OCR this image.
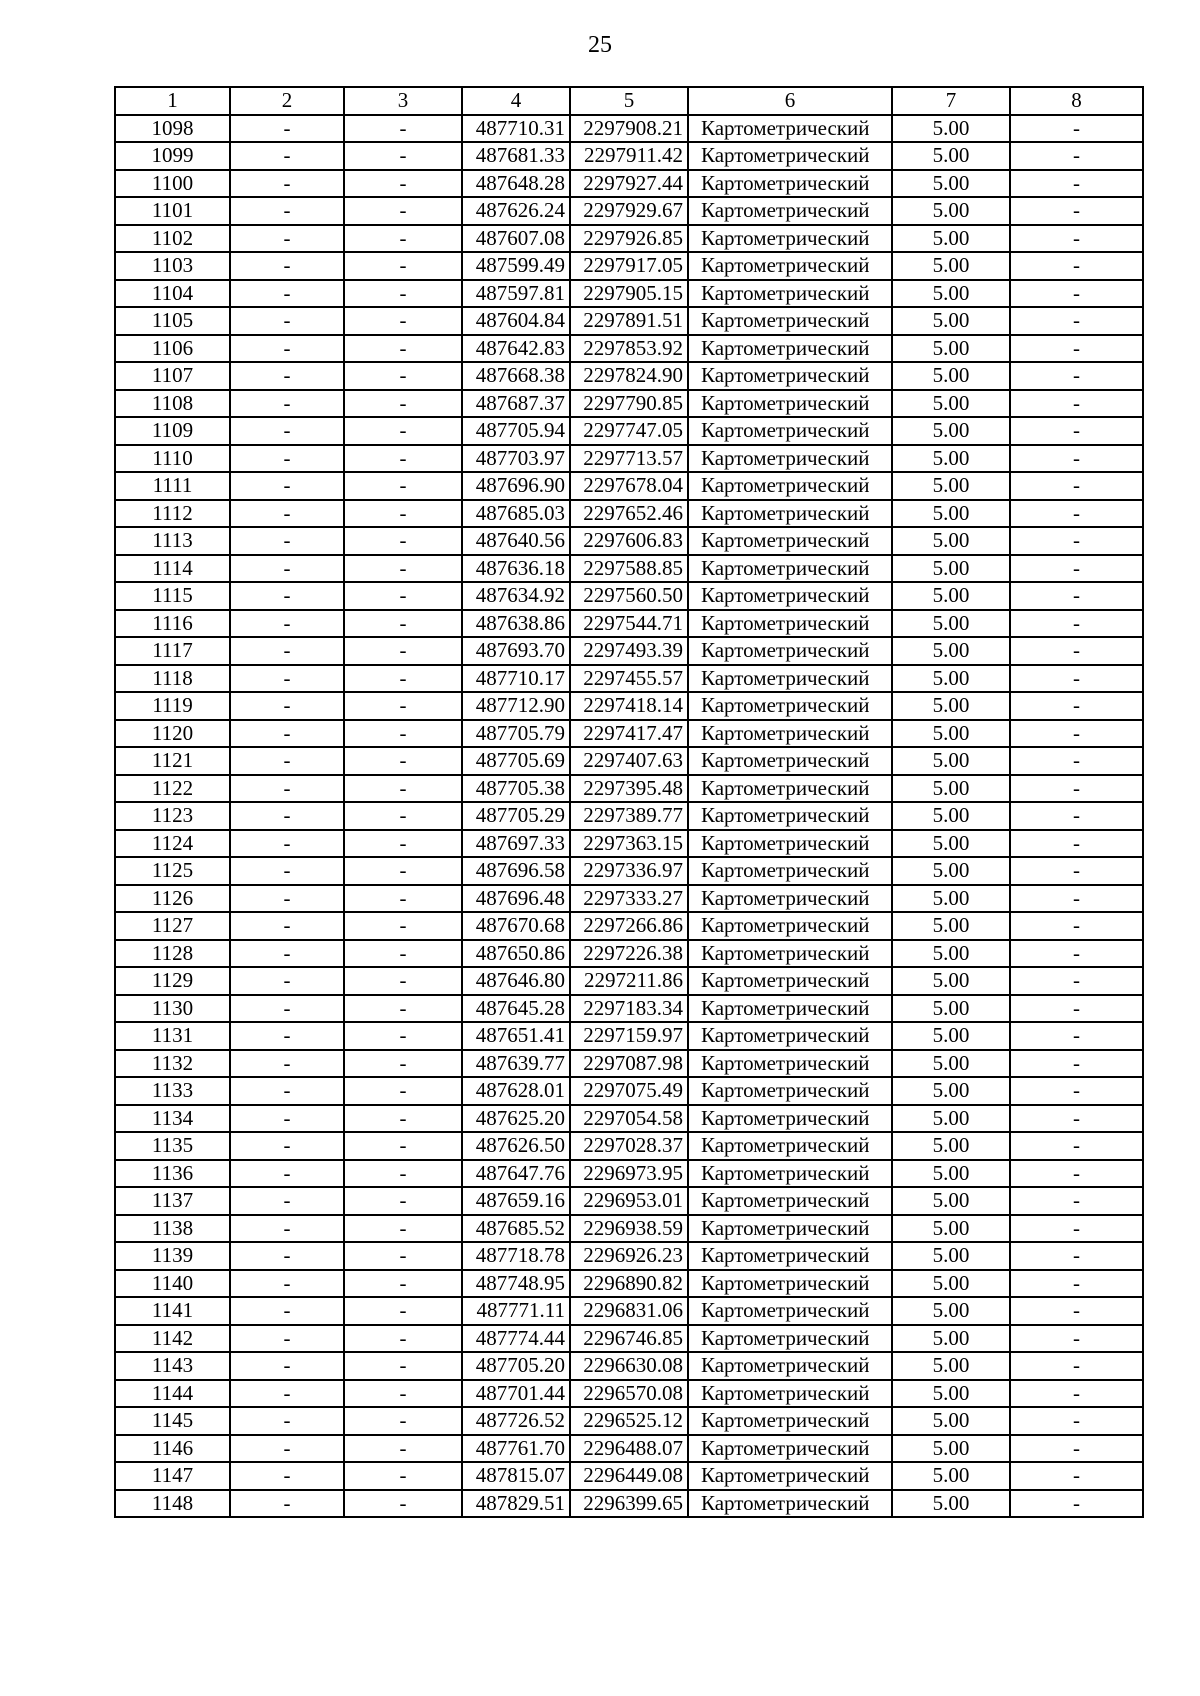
25
1	2	3	4	5	6	7	8
1098	-	-	487710.31	2297908.21	Картометрический	5.00	-
1099	-	-	487681.33	2297911.42	Картометрический	5.00	-
1100	-	-	487648.28	2297927.44	Картометрический	5.00	-
1101	-	-	487626.24	2297929.67	Картометрический	5.00	-
1102	-	-	487607.08	2297926.85	Картометрический	5.00	-
1103	-	-	487599.49	2297917.05	Картометрический	5.00	-
1104	-	-	487597.81	2297905.15	Картометрический	5.00	-
1105	-	-	487604.84	2297891.51	Картометрический	5.00	-
1106	-	-	487642.83	2297853.92	Картометрический	5.00	-
1107	-	-	487668.38	2297824.90	Картометрический	5.00	-
1108	-	-	487687.37	2297790.85	Картометрический	5.00	-
1109	-	-	487705.94	2297747.05	Картометрический	5.00	-
1110	-	-	487703.97	2297713.57	Картометрический	5.00	-
1111	-	-	487696.90	2297678.04	Картометрический	5.00	-
1112	-	-	487685.03	2297652.46	Картометрический	5.00	-
1113	-	-	487640.56	2297606.83	Картометрический	5.00	-
1114	-	-	487636.18	2297588.85	Картометрический	5.00	-
1115	-	-	487634.92	2297560.50	Картометрический	5.00	-
1116	-	-	487638.86	2297544.71	Картометрический	5.00	-
1117	-	-	487693.70	2297493.39	Картометрический	5.00	-
1118	-	-	487710.17	2297455.57	Картометрический	5.00	-
1119	-	-	487712.90	2297418.14	Картометрический	5.00	-
1120	-	-	487705.79	2297417.47	Картометрический	5.00	-
1121	-	-	487705.69	2297407.63	Картометрический	5.00	-
1122	-	-	487705.38	2297395.48	Картометрический	5.00	-
1123	-	-	487705.29	2297389.77	Картометрический	5.00	-
1124	-	-	487697.33	2297363.15	Картометрический	5.00	-
1125	-	-	487696.58	2297336.97	Картометрический	5.00	-
1126	-	-	487696.48	2297333.27	Картометрический	5.00	-
1127	-	-	487670.68	2297266.86	Картометрический	5.00	-
1128	-	-	487650.86	2297226.38	Картометрический	5.00	-
1129	-	-	487646.80	2297211.86	Картометрический	5.00	-
1130	-	-	487645.28	2297183.34	Картометрический	5.00	-
1131	-	-	487651.41	2297159.97	Картометрический	5.00	-
1132	-	-	487639.77	2297087.98	Картометрический	5.00	-
1133	-	-	487628.01	2297075.49	Картометрический	5.00	-
1134	-	-	487625.20	2297054.58	Картометрический	5.00	-
1135	-	-	487626.50	2297028.37	Картометрический	5.00	-
1136	-	-	487647.76	2296973.95	Картометрический	5.00	-
1137	-	-	487659.16	2296953.01	Картометрический	5.00	-
1138	-	-	487685.52	2296938.59	Картометрический	5.00	-
1139	-	-	487718.78	2296926.23	Картометрический	5.00	-
1140	-	-	487748.95	2296890.82	Картометрический	5.00	-
1141	-	-	487771.11	2296831.06	Картометрический	5.00	-
1142	-	-	487774.44	2296746.85	Картометрический	5.00	-
1143	-	-	487705.20	2296630.08	Картометрический	5.00	-
1144	-	-	487701.44	2296570.08	Картометрический	5.00	-
1145	-	-	487726.52	2296525.12	Картометрический	5.00	-
1146	-	-	487761.70	2296488.07	Картометрический	5.00	-
1147	-	-	487815.07	2296449.08	Картометрический	5.00	-
1148	-	-	487829.51	2296399.65	Картометрический	5.00	-
